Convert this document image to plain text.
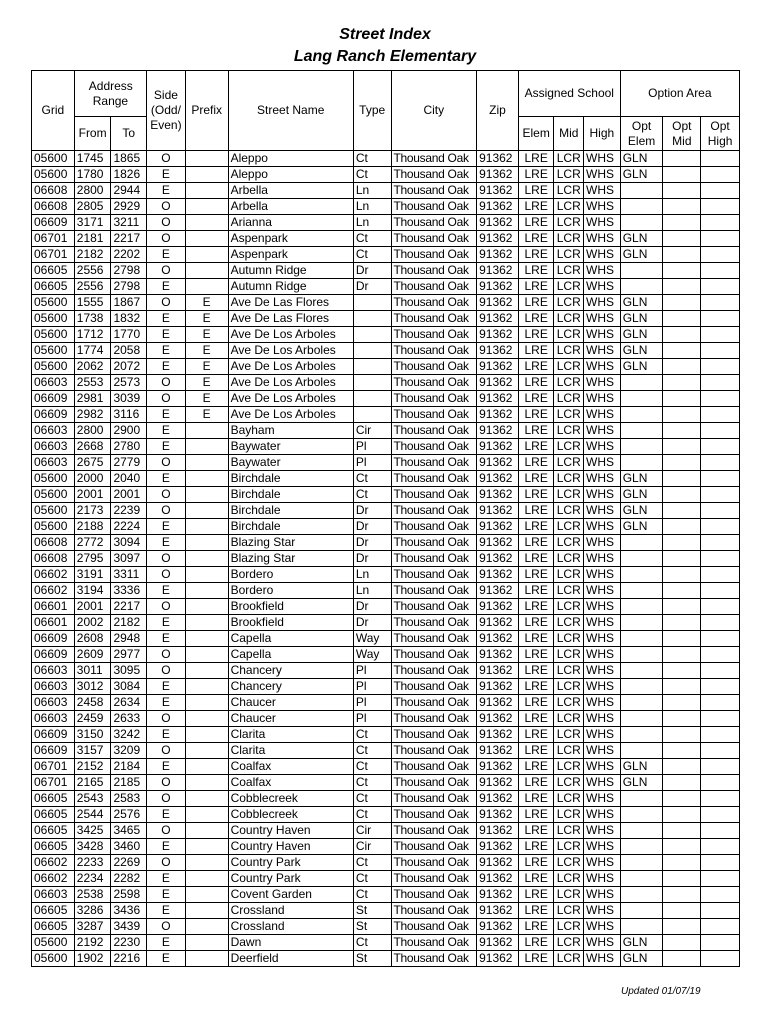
Street Index
Lang Ranch Elementary
Grid	Address Range		Side (Odd/ Even)	Prefix	Street Name	Type	City	Zip	Assigned School			Option Area		
	From	To							Elem	Mid	High	Opt Elem	Opt Mid	Opt High
05600	1745	1865	O		Aleppo	Ct	Thousand Oak	91362	LRE	LCR	WHS	GLN		
05600	1780	1826	E		Aleppo	Ct	Thousand Oak	91362	LRE	LCR	WHS	GLN		
06608	2800	2944	E		Arbella	Ln	Thousand Oak	91362	LRE	LCR	WHS			
06608	2805	2929	O		Arbella	Ln	Thousand Oak	91362	LRE	LCR	WHS			
06609	3171	3211	O		Arianna	Ln	Thousand Oak	91362	LRE	LCR	WHS			
06701	2181	2217	O		Aspenpark	Ct	Thousand Oak	91362	LRE	LCR	WHS	GLN		
06701	2182	2202	E		Aspenpark	Ct	Thousand Oak	91362	LRE	LCR	WHS	GLN		
06605	2556	2798	O		Autumn Ridge	Dr	Thousand Oak	91362	LRE	LCR	WHS			
06605	2556	2798	E		Autumn Ridge	Dr	Thousand Oak	91362	LRE	LCR	WHS			
05600	1555	1867	O	E	Ave De Las Flores		Thousand Oak	91362	LRE	LCR	WHS	GLN		
05600	1738	1832	E	E	Ave De Las Flores		Thousand Oak	91362	LRE	LCR	WHS	GLN		
05600	1712	1770	E	E	Ave De Los Arboles		Thousand Oak	91362	LRE	LCR	WHS	GLN		
05600	1774	2058	E	E	Ave De Los Arboles		Thousand Oak	91362	LRE	LCR	WHS	GLN		
05600	2062	2072	E	E	Ave De Los Arboles		Thousand Oak	91362	LRE	LCR	WHS	GLN		
06603	2553	2573	O	E	Ave De Los Arboles		Thousand Oak	91362	LRE	LCR	WHS			
06609	2981	3039	O	E	Ave De Los Arboles		Thousand Oak	91362	LRE	LCR	WHS			
06609	2982	3116	E	E	Ave De Los Arboles		Thousand Oak	91362	LRE	LCR	WHS			
06603	2800	2900	E		Bayham	Cir	Thousand Oak	91362	LRE	LCR	WHS			
06603	2668	2780	E		Baywater	Pl	Thousand Oak	91362	LRE	LCR	WHS			
06603	2675	2779	O		Baywater	Pl	Thousand Oak	91362	LRE	LCR	WHS			
05600	2000	2040	E		Birchdale	Ct	Thousand Oak	91362	LRE	LCR	WHS	GLN		
05600	2001	2001	O		Birchdale	Ct	Thousand Oak	91362	LRE	LCR	WHS	GLN		
05600	2173	2239	O		Birchdale	Dr	Thousand Oak	91362	LRE	LCR	WHS	GLN		
05600	2188	2224	E		Birchdale	Dr	Thousand Oak	91362	LRE	LCR	WHS	GLN		
06608	2772	3094	E		Blazing Star	Dr	Thousand Oak	91362	LRE	LCR	WHS			
06608	2795	3097	O		Blazing Star	Dr	Thousand Oak	91362	LRE	LCR	WHS			
06602	3191	3311	O		Bordero	Ln	Thousand Oak	91362	LRE	LCR	WHS			
06602	3194	3336	E		Bordero	Ln	Thousand Oak	91362	LRE	LCR	WHS			
06601	2001	2217	O		Brookfield	Dr	Thousand Oak	91362	LRE	LCR	WHS			
06601	2002	2182	E		Brookfield	Dr	Thousand Oak	91362	LRE	LCR	WHS			
06609	2608	2948	E		Capella	Way	Thousand Oak	91362	LRE	LCR	WHS			
06609	2609	2977	O		Capella	Way	Thousand Oak	91362	LRE	LCR	WHS			
06603	3011	3095	O		Chancery	Pl	Thousand Oak	91362	LRE	LCR	WHS			
06603	3012	3084	E		Chancery	Pl	Thousand Oak	91362	LRE	LCR	WHS			
06603	2458	2634	E		Chaucer	Pl	Thousand Oak	91362	LRE	LCR	WHS			
06603	2459	2633	O		Chaucer	Pl	Thousand Oak	91362	LRE	LCR	WHS			
06609	3150	3242	E		Clarita	Ct	Thousand Oak	91362	LRE	LCR	WHS			
06609	3157	3209	O		Clarita	Ct	Thousand Oak	91362	LRE	LCR	WHS			
06701	2152	2184	E		Coalfax	Ct	Thousand Oak	91362	LRE	LCR	WHS	GLN		
06701	2165	2185	O		Coalfax	Ct	Thousand Oak	91362	LRE	LCR	WHS	GLN		
06605	2543	2583	O		Cobblecreek	Ct	Thousand Oak	91362	LRE	LCR	WHS			
06605	2544	2576	E		Cobblecreek	Ct	Thousand Oak	91362	LRE	LCR	WHS			
06605	3425	3465	O		Country Haven	Cir	Thousand Oak	91362	LRE	LCR	WHS			
06605	3428	3460	E		Country Haven	Cir	Thousand Oak	91362	LRE	LCR	WHS			
06602	2233	2269	O		Country Park	Ct	Thousand Oak	91362	LRE	LCR	WHS			
06602	2234	2282	E		Country Park	Ct	Thousand Oak	91362	LRE	LCR	WHS			
06603	2538	2598	E		Covent Garden	Ct	Thousand Oak	91362	LRE	LCR	WHS			
06605	3286	3436	E		Crossland	St	Thousand Oak	91362	LRE	LCR	WHS			
06605	3287	3439	O		Crossland	St	Thousand Oak	91362	LRE	LCR	WHS			
05600	2192	2230	E		Dawn	Ct	Thousand Oak	91362	LRE	LCR	WHS	GLN		
05600	1902	2216	E		Deerfield	St	Thousand Oak	91362	LRE	LCR	WHS	GLN		
Updated 01/07/19
